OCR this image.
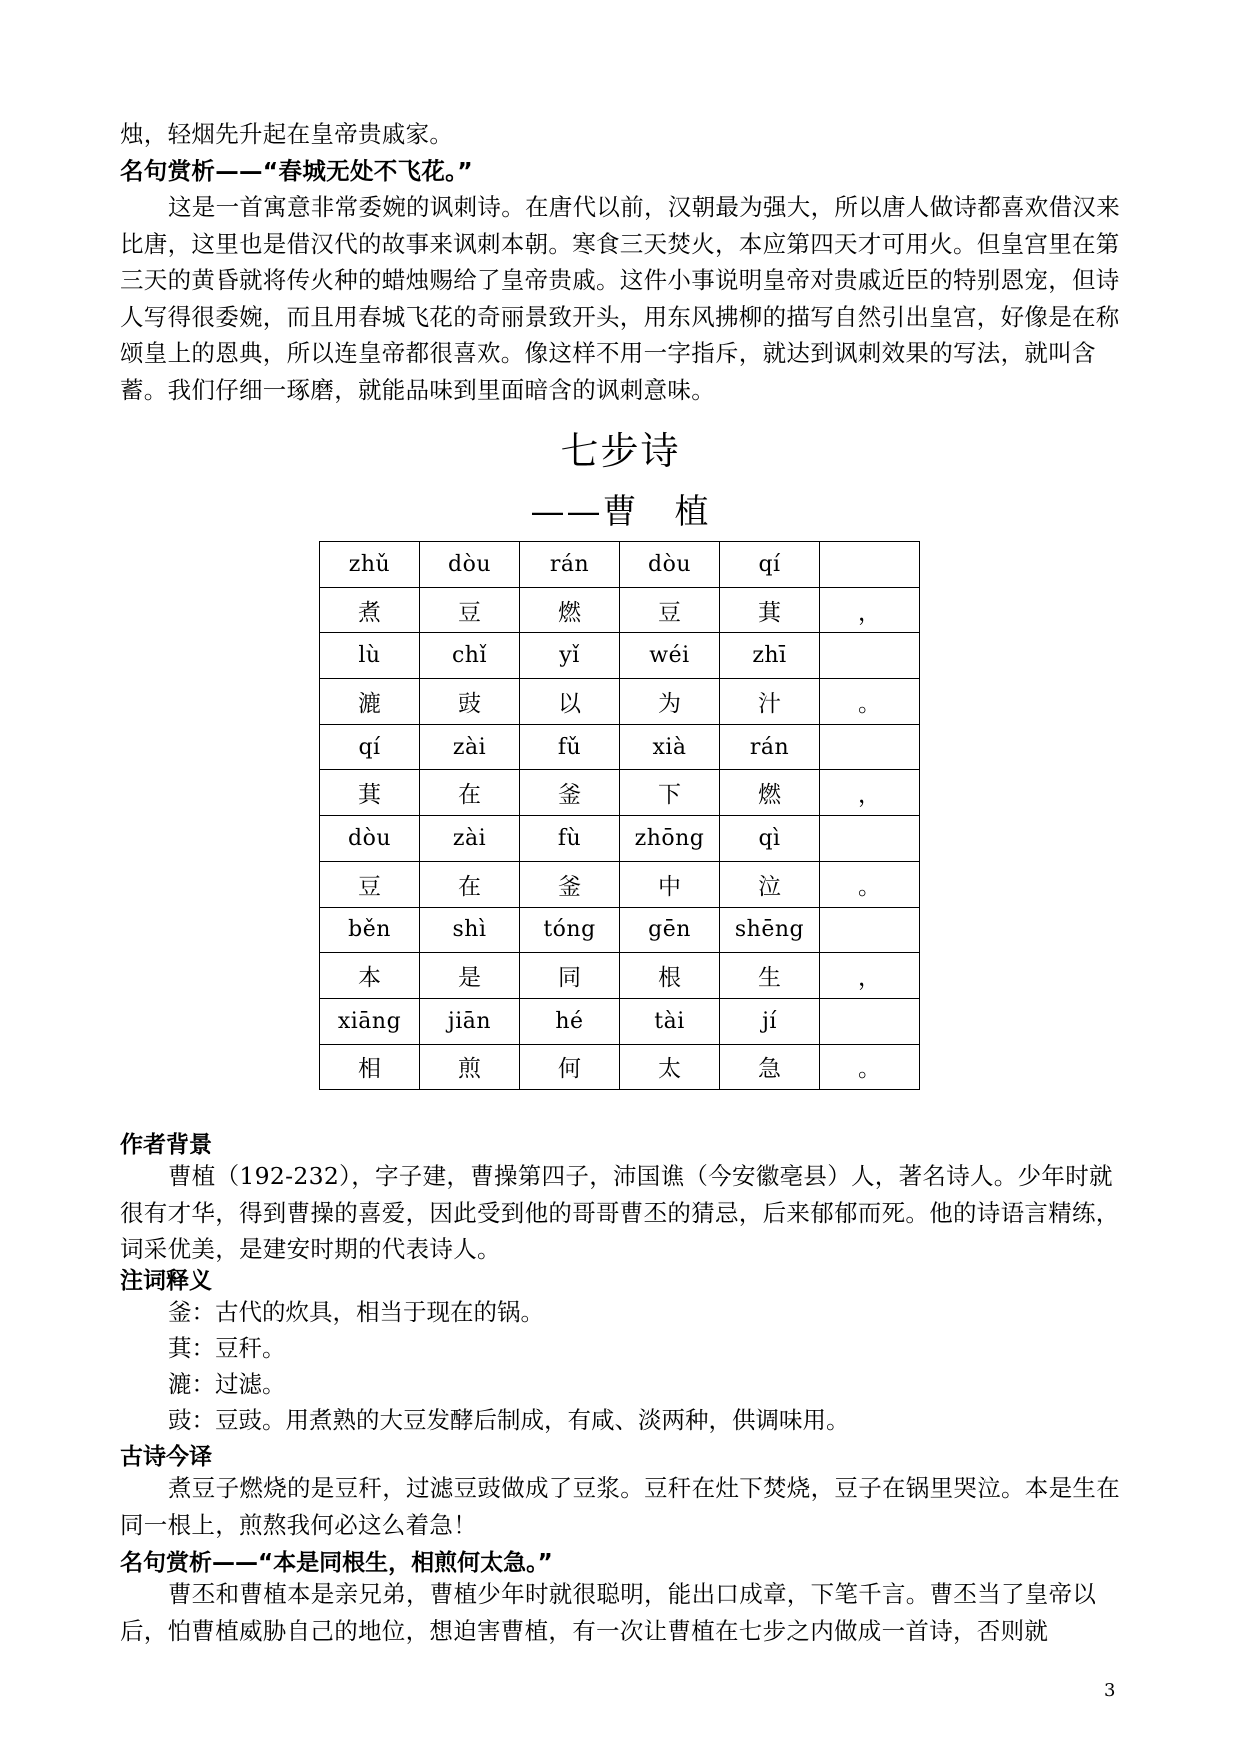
烛，轻烟先升起在皇帝贵戚家。
名句赏析——“春城无处不飞花。”
这是一首寓意非常委婉的讽刺诗。在唐代以前，汉朝最为强大，所以唐人做诗都喜欢借汉来比唐，这里也是借汉代的故事来讽刺本朝。寒食三天焚火，本应第四天才可用火。但皇宫里在第三天的黄昏就将传火种的蜡烛赐给了皇帝贵戚。这件小事说明皇帝对贵戚近臣的特别恩宠，但诗人写得很委婉，而且用春城飞花的奇丽景致开头，用东风拂柳的描写自然引出皇宫，好像是在称颂皇上的恩典，所以连皇帝都很喜欢。像这样不用一字指斥，就达到讽刺效果的写法，就叫含蓄。我们仔细一琢磨，就能品味到里面暗含的讽刺意味。
七步诗
——曹　植
zhǔ	dòu	rán	dòu	qí	
煮	豆	燃	豆	萁	，
lù	chǐ	yǐ	wéi	zhī	
漉	豉	以	为	汁	。
qí	zài	fǔ	xià	rán	
萁	在	釜	下	燃	，
dòu	zài	fù	zhōng	qì	
豆	在	釜	中	泣	。
běn	shì	tóng	gēn	shēng	
本	是	同	根	生	，
xiāng	jiān	hé	tài	jí	
相	煎	何	太	急	。
作者背景
曹植（192-232），字子建，曹操第四子，沛国谯（今安徽亳县）人，著名诗人。少年时就很有才华，得到曹操的喜爱，因此受到他的哥哥曹丕的猜忌，后来郁郁而死。他的诗语言精练，词采优美，是建安时期的代表诗人。
注词释义
釜：古代的炊具，相当于现在的锅。
萁：豆秆。
漉：过滤。
豉：豆豉。用煮熟的大豆发酵后制成，有咸、淡两种，供调味用。
古诗今译
煮豆子燃烧的是豆秆，过滤豆豉做成了豆浆。豆秆在灶下焚烧，豆子在锅里哭泣。本是生在同一根上，煎熬我何必这么着急！
名句赏析——“本是同根生，相煎何太急。”
曹丕和曹植本是亲兄弟，曹植少年时就很聪明，能出口成章，下笔千言。曹丕当了皇帝以后，怕曹植威胁自己的地位，想迫害曹植，有一次让曹植在七步之内做成一首诗，否则就
3
